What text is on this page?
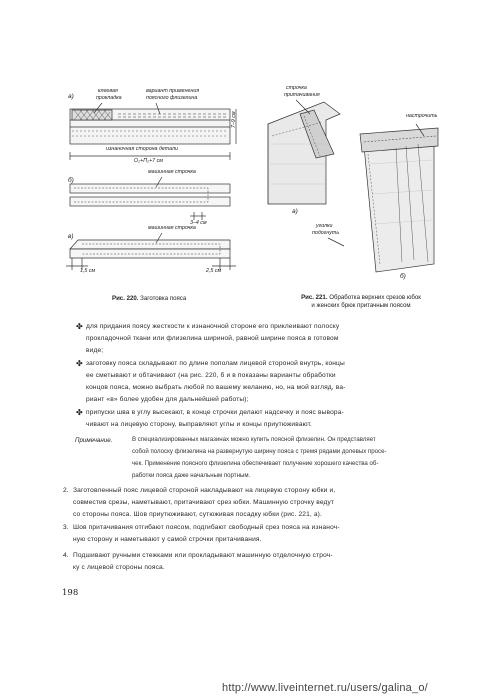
а)
клеевая
прокладка
вариант применения
поясного флизелина
изнаночная сторона детали
О₂+П₂+7 см
7–9 см
б)
машинная строчка
3–4 см
в)
машинная строчка
1,5 см	2,5 см
Рис. 220. Заготовка пояса
строчка
притачивания
а)
настрочить
уголки
подогнуть
б)
Рис. 221. Обработка верхних срезов юбок
и женских брюк притачным поясом
✤ для придания поясу жесткости к изнаночной стороне его приклеивают полоску
прокладочной ткани или флизелина шириной, равной ширине пояса в готовом
виде;
✤ заготовку пояса складывают по длине пополам лицевой стороной внутрь, концы
ее сметывают и обтачивают (на рис. 220, б и в показаны варианты обработки
концов пояса, можно выбрать любой по вашему желанию, но, на мой взгляд, ва-
риант «в» более удобен для дальнейшей работы);
✤ припуски шва в углу высекают, в конце строчки делают надсечку и пояс вывора-
чивают на лицевую сторону, выправляют углы и концы приутюживают.
Примечание.	В специализированных магазинах можно купить поясной флизелин. Он представляет
собой полоску флизелина на развернутую ширину пояса с тремя рядами долевых просе-
чек. Применение поясного флизелина обеспечивает получение хорошего качества об-
работки пояса даже начальным портным.
2. Заготовленный пояс лицевой стороной накладывают на лицевую сторону юбки и,
совместив срезы, наметывают, притачивают срез юбки. Машинную строчку ведут
со стороны пояса. Шов приутюживают, сутюживая посадку юбки (рис. 221, а).
3. Шов притачивания отгибают поясом, подгибают свободный срез пояса на изнаноч-
ную сторону и наметывают у самой строчки притачивания.
4. Подшивают ручными стежками или прокладывают машинную отделочную строч-
ку с лицевой стороны пояса.
198
http://www.liveinternet.ru/users/galina_o/
